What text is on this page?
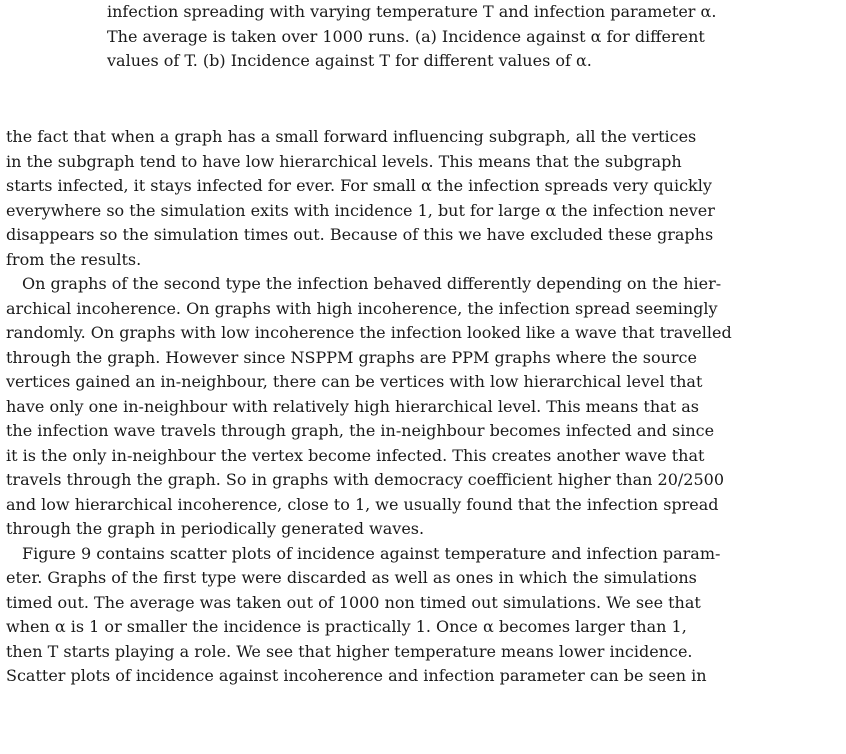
infection spreading with varying temperature T and infection parameter α.
The average is taken over 1000 runs. (a) Incidence against α for different
values of T. (b) Incidence against T for different values of α.
the fact that when a graph has a small forward influencing subgraph, all the vertices
in the subgraph tend to have low hierarchical levels. This means that the subgraph
starts infected, it stays infected for ever. For small α the infection spreads very quickly
everywhere so the simulation exits with incidence 1, but for large α the infection never
disappears so the simulation times out. Because of this we have excluded these graphs
from the results.
On graphs of the second type the infection behaved differently depending on the hier-
archical incoherence. On graphs with high incoherence, the infection spread seemingly
randomly. On graphs with low incoherence the infection looked like a wave that travelled
through the graph. However since NSPPM graphs are PPM graphs where the source
vertices gained an in-neighbour, there can be vertices with low hierarchical level that
have only one in-neighbour with relatively high hierarchical level. This means that as
the infection wave travels through graph, the in-neighbour becomes infected and since
it is the only in-neighbour the vertex become infected. This creates another wave that
travels through the graph. So in graphs with democracy coefficient higher than 20/2500
and low hierarchical incoherence, close to 1, we usually found that the infection spread
through the graph in periodically generated waves.
Figure 9 contains scatter plots of incidence against temperature and infection param-
eter. Graphs of the first type were discarded as well as ones in which the simulations
timed out. The average was taken out of 1000 non timed out simulations. We see that
when α is 1 or smaller the incidence is practically 1. Once α becomes larger than 1,
then T starts playing a role. We see that higher temperature means lower incidence.
Scatter plots of incidence against incoherence and infection parameter can be seen in
